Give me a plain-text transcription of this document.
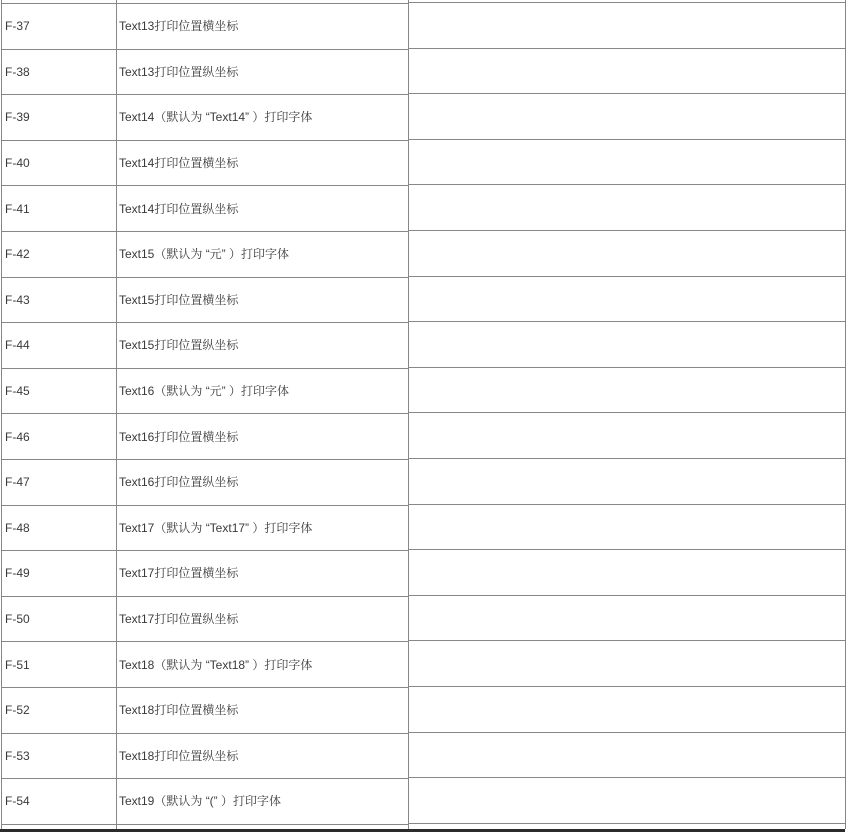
F-37	Text13打印位置横坐标
F-38	Text13打印位置纵坐标
F-39	Text14（默认为 “Text14” ）打印字体
F-40	Text14打印位置横坐标
F-41	Text14打印位置纵坐标
F-42	Text15（默认为 “元” ）打印字体
F-43	Text15打印位置横坐标
F-44	Text15打印位置纵坐标
F-45	Text16（默认为 “元” ）打印字体
F-46	Text16打印位置横坐标
F-47	Text16打印位置纵坐标
F-48	Text17（默认为 “Text17” ）打印字体
F-49	Text17打印位置横坐标
F-50	Text17打印位置纵坐标
F-51	Text18（默认为 “Text18” ）打印字体
F-52	Text18打印位置横坐标
F-53	Text18打印位置纵坐标
F-54	Text19（默认为 “(” ）打印字体
